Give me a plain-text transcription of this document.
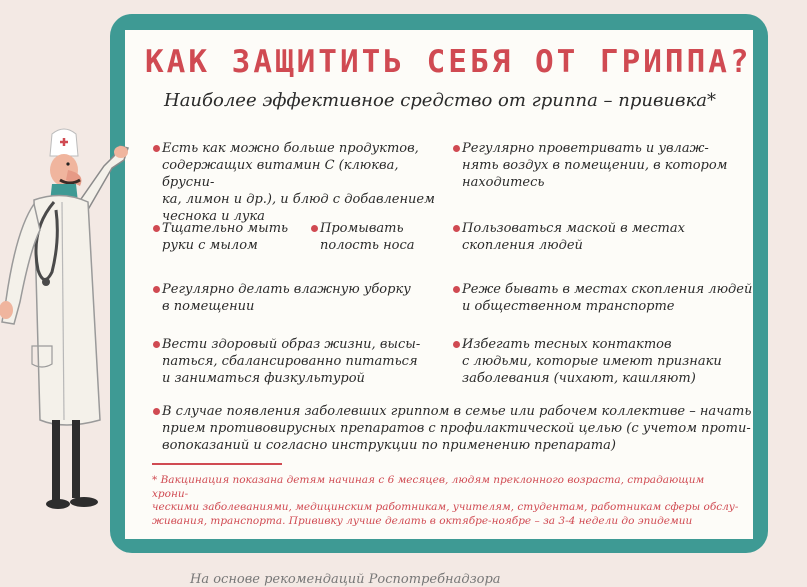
КАК ЗАЩИТИТЬ СЕБЯ ОТ ГРИППА?
Наиболее эффективное средство от гриппа – прививка*
Есть как можно больше продуктов,
содержащих витамин С (клюква, бруснu-
ка, лимон и др.), и блюд с добавлением
чеснока и лука
Регулярно проветривать и увлаж-
нять воздух в помещении, в котором
находитесь
Тщательно мыть
руки с мылом
Промывать
полость носа
Пользоваться маской в местах
скопления людей
Регулярно делать влажную уборку
в помещении
Реже бывать в местах скопления людей
и общественном транспорте
Вести здоровый образ жизни, высы-
паться, сбалансированно питаться
и заниматься физкультурой
Избегать тесных контактов
с людьми, которые имеют признаки
заболевания (чихают, кашляют)
В случае появления заболевших гриппом в семье или рабочем коллективе – начать
прием противовирусных препаратов с профилактической целью (с учетом проти-
вопоказаний и согласно инструкции по применению препарата)
* Вакцинация показана детям начиная с 6 месяцев, людям преклонного возраста, страдающим хрони-
ческими заболеваниями, медицинским работникам, учителям, студентам, работникам сферы обслу-
живания, транспорта. Прививку лучше делать в октябре-ноябре – за 3-4 недели до эпидемии
На основе рекомендаций Роспотребнадзора
